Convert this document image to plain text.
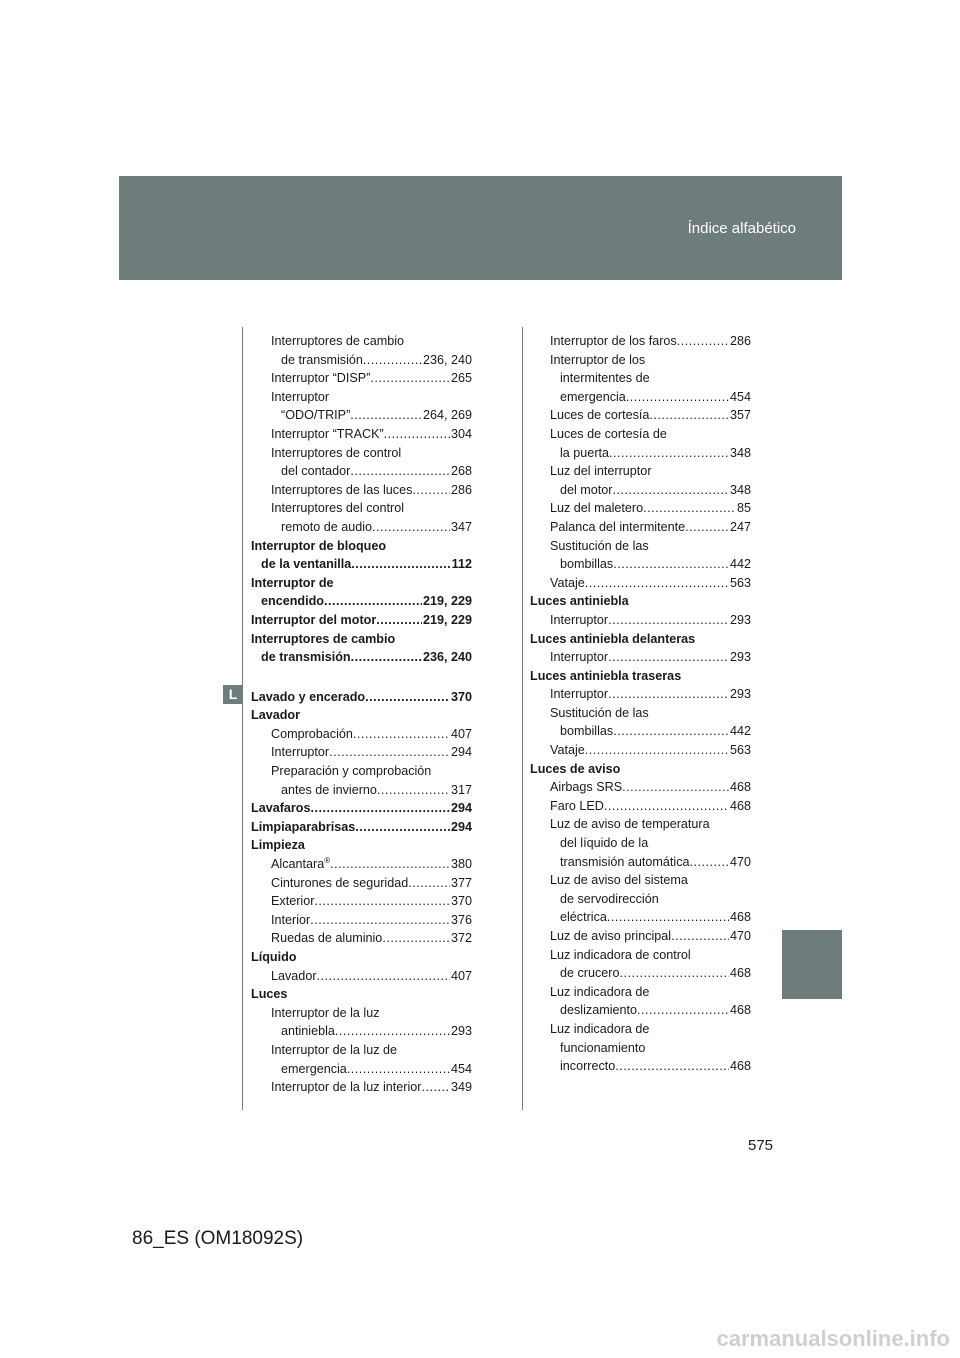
Índice alfabético
L
Interruptores de cambio
de transmisión .....	236, 240
Interruptor “DISP” .....	265
Interruptor
“ODO/TRIP” .....	264, 269
Interruptor “TRACK” .....	304
Interruptores de control
del contador .....	268
Interruptores de las luces .....	286
Interruptores del control
remoto de audio .....	347
Interruptor de bloqueo
de la ventanilla .....	112
Interruptor de
encendido .....	219, 229
Interruptor del motor .....	219, 229
Interruptores de cambio
de transmisión .....	236, 240
Lavado y encerado .....	370
Lavador
Comprobación .....	407
Interruptor .....	294
Preparación y comprobación
antes de invierno .....	317
Lavafaros .....	294
Limpiaparabrisas .....	294
Limpieza
Alcantara® .....	380
Cinturones de seguridad .....	377
Exterior .....	370
Interior .....	376
Ruedas de aluminio .....	372
Líquido
Lavador .....	407
Luces
Interruptor de la luz
antiniebla .....	293
Interruptor de la luz de
emergencia .....	454
Interruptor de la luz interior ..... 349
Interruptor de los faros .....	286
Interruptor de los
intermitentes de
emergencia .....	454
Luces de cortesía .....	357
Luces de cortesía de
la puerta .....	348
Luz del interruptor
del motor .....	348
Luz del maletero .....	85
Palanca del intermitente .....	247
Sustitución de las
bombillas .....	442
Vataje .....	563
Luces antiniebla
Interruptor .....	293
Luces antiniebla delanteras
Interruptor .....	293
Luces antiniebla traseras
Interruptor .....	293
Sustitución de las
bombillas .....	442
Vataje .....	563
Luces de aviso
Airbags SRS .....	468
Faro LED .....	468
Luz de aviso de temperatura
del líquido de la
transmisión automática .....	470
Luz de aviso del sistema
de servodirección
eléctrica .....	468
Luz de aviso principal .....	470
Luz indicadora de control
de crucero .....	468
Luz indicadora de
deslizamiento .....	468
Luz indicadora de
funcionamiento
incorrecto .....	468
575
86_ES (OM18092S)
carmanualsonline.info
